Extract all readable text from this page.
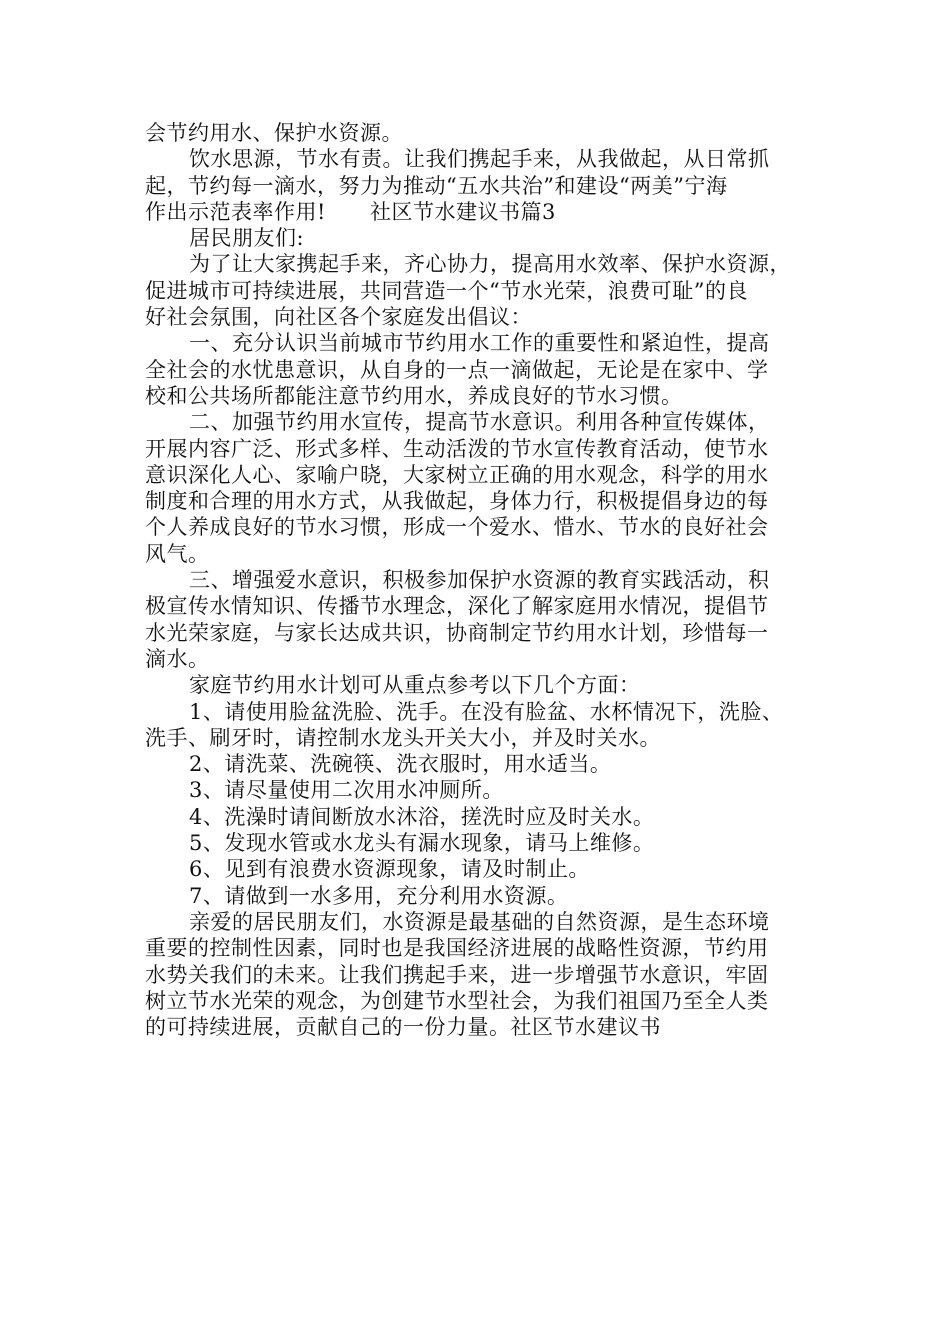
会节约用水、保护水资源。
饮水思源，节水有责。让我们携起手来，从我做起，从日常抓
起，节约每一滴水，努力为推动“五水共治”和建设“两美”宁海
作出示范表率作用! 社区节水建议书篇3
居民朋友们:
为了让大家携起手来，齐心协力，提高用水效率、保护水资源，
促进城市可持续进展，共同营造一个“节水光荣，浪费可耻”的良
好社会氛围，向社区各个家庭发出倡议：
一、充分认识当前城市节约用水工作的重要性和紧迫性，提高
全社会的水忧患意识，从自身的一点一滴做起，无论是在家中、学
校和公共场所都能注意节约用水，养成良好的节水习惯。
二、加强节约用水宣传，提高节水意识。利用各种宣传媒体，
开展内容广泛、形式多样、生动活泼的节水宣传教育活动，使节水
意识深化人心、家喻户晓，大家树立正确的用水观念，科学的用水
制度和合理的用水方式，从我做起，身体力行，积极提倡身边的每
个人养成良好的节水习惯，形成一个爱水、惜水、节水的良好社会
风气。
三、增强爱水意识，积极参加保护水资源的教育实践活动，积
极宣传水情知识、传播节水理念，深化了解家庭用水情况，提倡节
水光荣家庭，与家长达成共识，协商制定节约用水计划，珍惜每一
滴水。
家庭节约用水计划可从重点参考以下几个方面：
1、请使用脸盆洗脸、洗手。在没有脸盆、水杯情况下，洗脸、
洗手、刷牙时，请控制水龙头开关大小，并及时关水。
2、请洗菜、洗碗筷、洗衣服时，用水适当。
3、请尽量使用二次用水冲厕所。
4、洗澡时请间断放水沐浴，搓洗时应及时关水。
5、发现水管或水龙头有漏水现象，请马上维修。
6、见到有浪费水资源现象，请及时制止。
7、请做到一水多用，充分利用水资源。
亲爱的居民朋友们，水资源是最基础的自然资源，是生态环境
重要的控制性因素，同时也是我国经济进展的战略性资源，节约用
水势关我们的未来。让我们携起手来，进一步增强节水意识，牢固
树立节水光荣的观念，为创建节水型社会，为我们祖国乃至全人类
的可持续进展，贡献自己的一份力量。社区节水建议书
